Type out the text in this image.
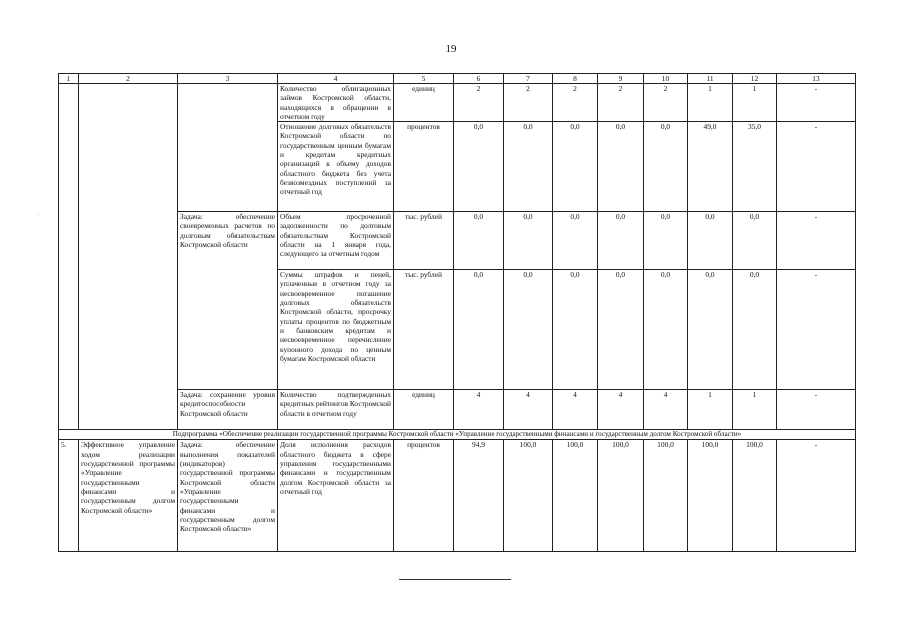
19
-
1	2	3	4	5	6	7	8	9	10	11	12	13
			Количество облигационных займов Костромской области, находящихся в обращении в отчетном году	единиц	2	2	2	2	2	1	1	-
			Отношение долговых обязательств Костромской области по государственным ценным бумагам и кредитам кредитных организаций к объему доходов областного бюджета без учета безвозмездных поступлений за отчетный год	процентов	0,0	0,0	0,0	0,0	0,0	49,0	35,0	-
		Задача: обеспечение своевременных расчетов по долговым обязательствам Костромской области	Объем просроченной задолженности по долговым обязательствам Костромской области на 1 января года, следующего за отчетным годом	тыс. рублей	0,0	0,0	0,0	0,0	0,0	0,0	0,0	-
			Суммы штрафов и пеней, уплаченные в отчетном году за несвоевременное погашение долговых обязательств Костромской области, просрочку уплаты процентов по бюджетным и банковским кредитам и несвоевременное перечисление купонного дохода по ценным бумагам Костромской области	тыс. рублей	0,0	0,0	0,0	0,0	0,0	0,0	0,0	-
		Задача: сохранение уровня кредитоспособности Костромской области	Количество подтвержденных кредитных рейтингов Костромской области в отчетном году	единиц	4	4	4	4	4	1	1	-
Подпрограмма «Обеспечение реализации государственной программы Костромской области «Управление государственными финансами и государственным долгом Костромской области»												
5.	Эффективное управление ходом реализации государственной программы «Управление государственными финансами и государственным долгом Костромской области»	Задача: обеспечение выполнения показателей (индикаторов) государственной программы Костромской области «Управление государственными финансами и государственным долгом Костромской области»	Доля исполнения расходов областного бюджета в сфере управления государственными финансами и государственным долгом Костромской области за отчетный год	процентов	94,9	100,0	100,0	100,0	100,0	100,0	100,0	-
